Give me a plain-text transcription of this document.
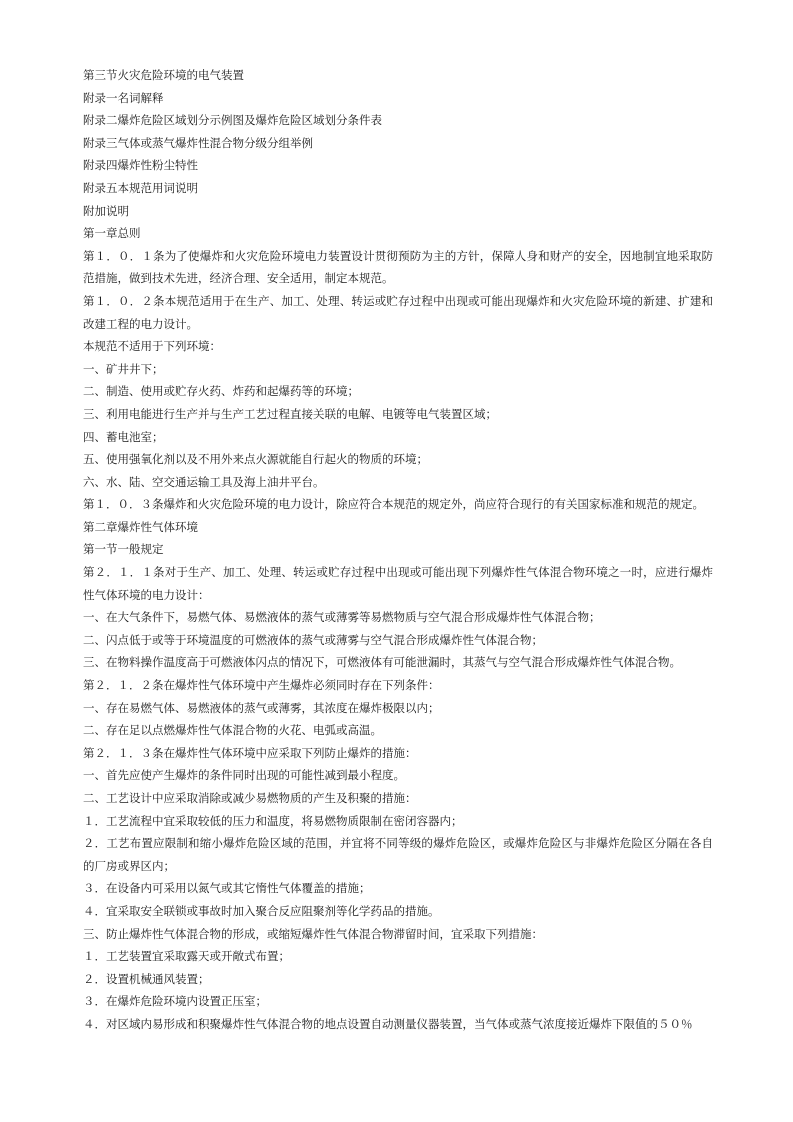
第三节火灾危险环境的电气装置

附录一名词解释

附录二爆炸危险区域划分示例图及爆炸危险区域划分条件表

附录三气体或蒸气爆炸性混合物分级分组举例

附录四爆炸性粉尘特性

附录五本规范用词说明

附加说明

第一章总则

第１．０．１条为了使爆炸和火灾危险环境电力装置设计贯彻预防为主的方针，保障人身和财产的安全，因地制宜地采取防范措施，做到技术先进，经济合理、安全适用，制定本规范。

第１．０．２条本规范适用于在生产、加工、处理、转运或贮存过程中出现或可能出现爆炸和火灾危险环境的新建、扩建和改建工程的电力设计。

本规范不适用于下列环境：

一、矿井井下；

二、制造、使用或贮存火药、炸药和起爆药等的环境；

三、利用电能进行生产并与生产工艺过程直接关联的电解、电镀等电气装置区域；

四、蓄电池室；

五、使用强氧化剂以及不用外来点火源就能自行起火的物质的环境；

六、水、陆、空交通运输工具及海上油井平台。

第１．０．３条爆炸和火灾危险环境的电力设计，除应符合本规范的规定外，尚应符合现行的有关国家标准和规范的规定。

第二章爆炸性气体环境

第一节一般规定

第２．１．１条对于生产、加工、处理、转运或贮存过程中出现或可能出现下列爆炸性气体混合物环境之一时，应进行爆炸性气体环境的电力设计：

一、在大气条件下，易燃气体、易燃液体的蒸气或薄雾等易燃物质与空气混合形成爆炸性气体混合物；

二、闪点低于或等于环境温度的可燃液体的蒸气或薄雾与空气混合形成爆炸性气体混合物；

三、在物料操作温度高于可燃液体闪点的情况下，可燃液体有可能泄漏时，其蒸气与空气混合形成爆炸性气体混合物。

第２．１．２条在爆炸性气体环境中产生爆炸必须同时存在下列条件：

一、存在易燃气体、易燃液体的蒸气或薄雾，其浓度在爆炸极限以内；

二、存在足以点燃爆炸性气体混合物的火花、电弧或高温。

第２．１．３条在爆炸性气体环境中应采取下列防止爆炸的措施：

一、首先应使产生爆炸的条件同时出现的可能性减到最小程度。

二、工艺设计中应采取消除或减少易燃物质的产生及积聚的措施：

１．工艺流程中宜采取较低的压力和温度，将易燃物质限制在密闭容器内；

２．工艺布置应限制和缩小爆炸危险区域的范围，并宜将不同等级的爆炸危险区，或爆炸危险区与非爆炸危险区分隔在各自的厂房或界区内；

３．在设备内可采用以氮气或其它惰性气体覆盖的措施；

４．宜采取安全联锁或事故时加入聚合反应阻聚剂等化学药品的措施。

三、防止爆炸性气体混合物的形成，或缩短爆炸性气体混合物滞留时间，宜采取下列措施：

１．工艺装置宜采取露天或开敞式布置；

２．设置机械通风装置；

３．在爆炸危险环境内设置正压室；

４．对区域内易形成和积聚爆炸性气体混合物的地点设置自动测量仪器装置，当气体或蒸气浓度接近爆炸下限值的５０％
